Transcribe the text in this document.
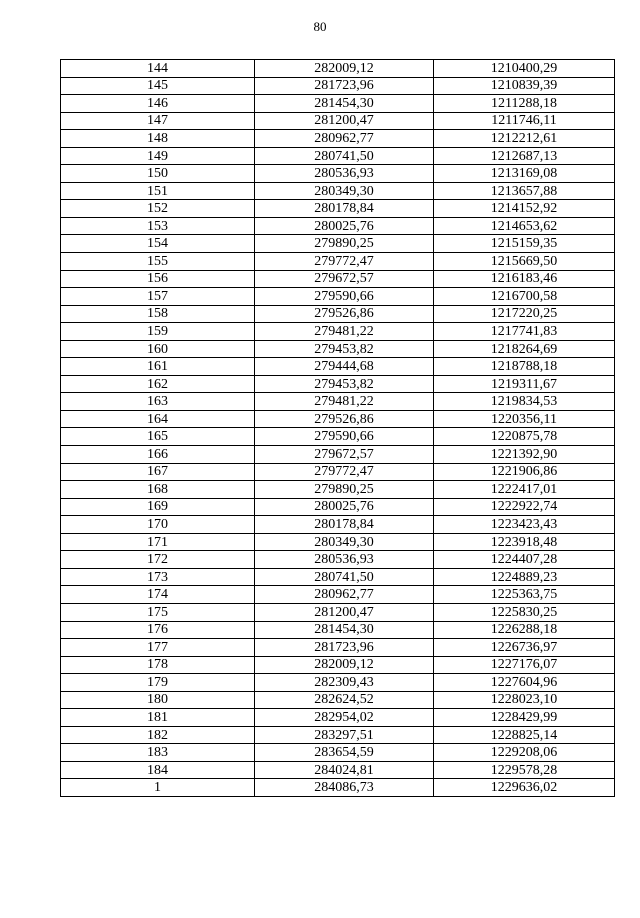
80
144	282009,12	1210400,29
145	281723,96	1210839,39
146	281454,30	1211288,18
147	281200,47	1211746,11
148	280962,77	1212212,61
149	280741,50	1212687,13
150	280536,93	1213169,08
151	280349,30	1213657,88
152	280178,84	1214152,92
153	280025,76	1214653,62
154	279890,25	1215159,35
155	279772,47	1215669,50
156	279672,57	1216183,46
157	279590,66	1216700,58
158	279526,86	1217220,25
159	279481,22	1217741,83
160	279453,82	1218264,69
161	279444,68	1218788,18
162	279453,82	1219311,67
163	279481,22	1219834,53
164	279526,86	1220356,11
165	279590,66	1220875,78
166	279672,57	1221392,90
167	279772,47	1221906,86
168	279890,25	1222417,01
169	280025,76	1222922,74
170	280178,84	1223423,43
171	280349,30	1223918,48
172	280536,93	1224407,28
173	280741,50	1224889,23
174	280962,77	1225363,75
175	281200,47	1225830,25
176	281454,30	1226288,18
177	281723,96	1226736,97
178	282009,12	1227176,07
179	282309,43	1227604,96
180	282624,52	1228023,10
181	282954,02	1228429,99
182	283297,51	1228825,14
183	283654,59	1229208,06
184	284024,81	1229578,28
1	284086,73	1229636,02
